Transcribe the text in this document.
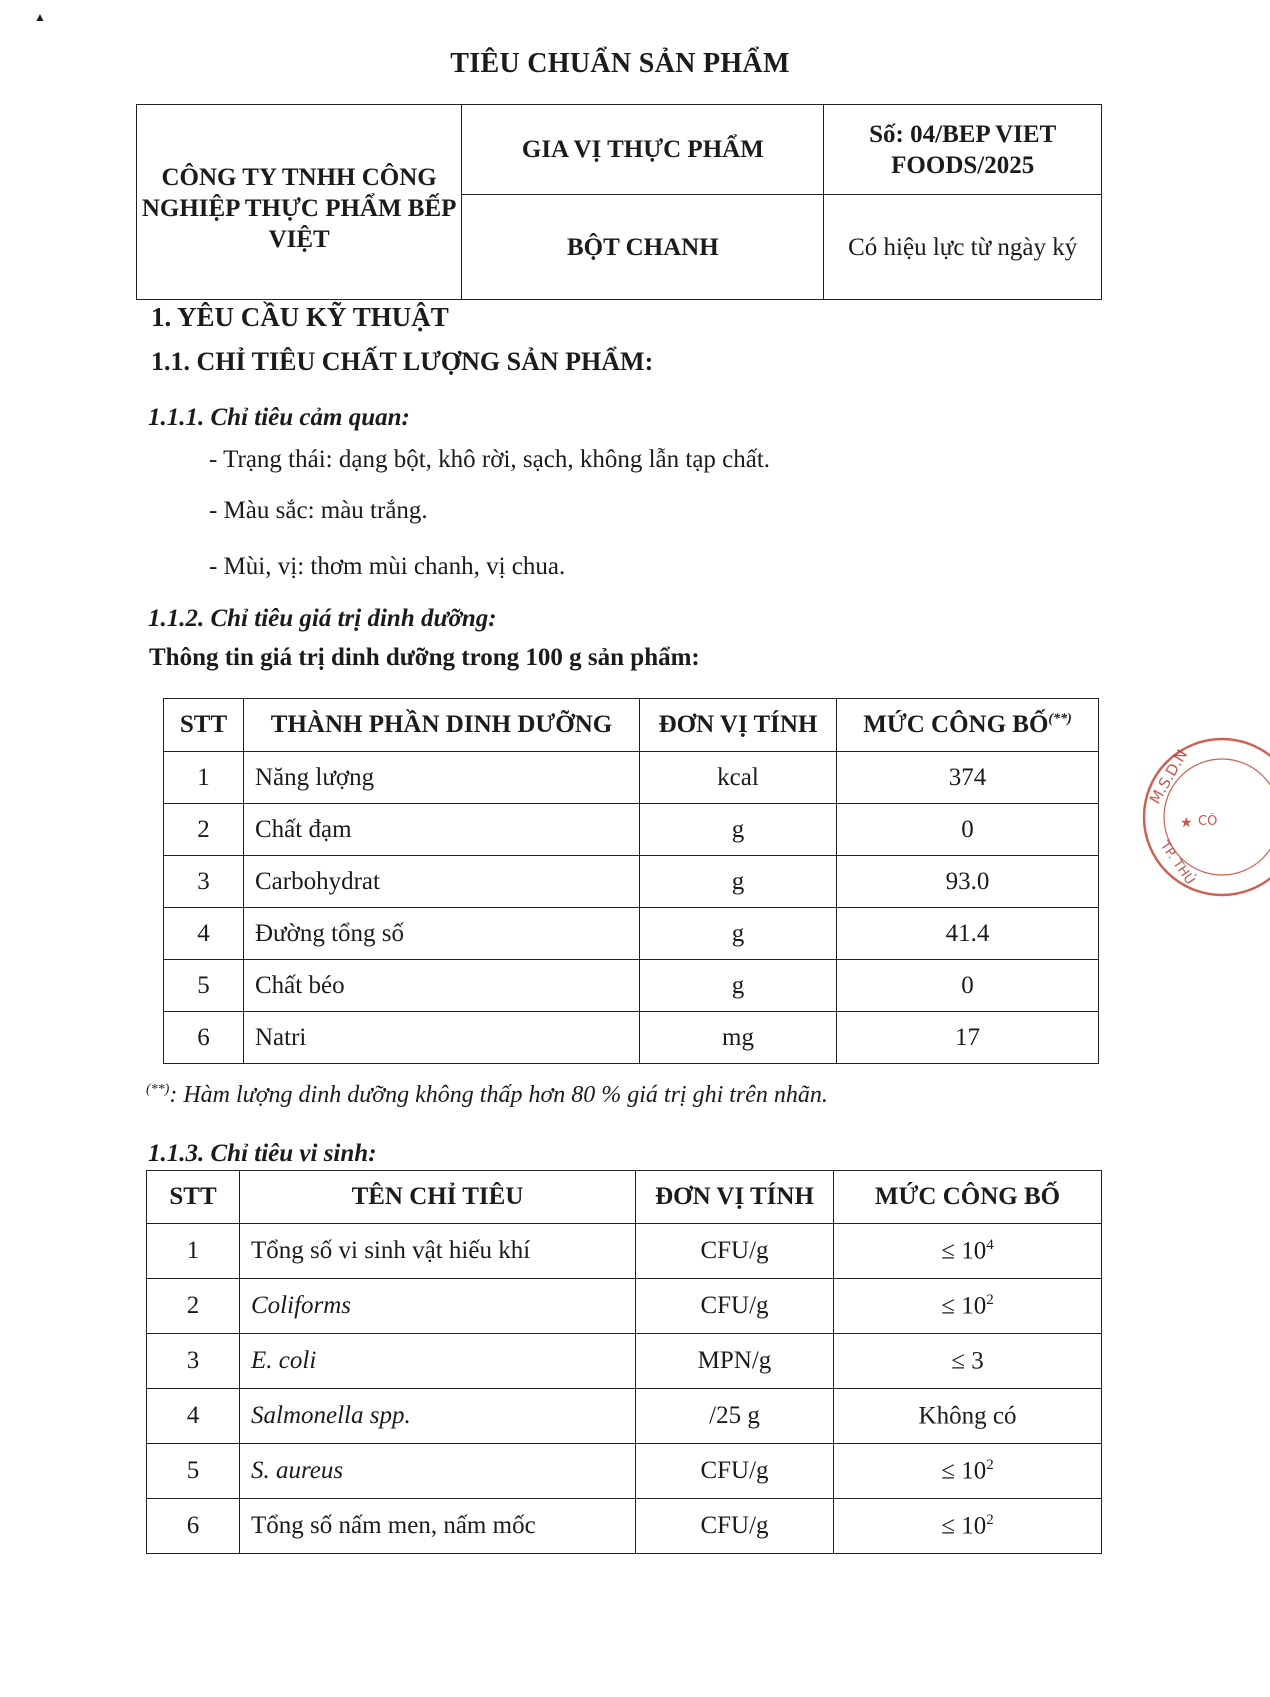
▲
TIÊU CHUẨN SẢN PHẨM
CÔNG TY TNHH CÔNG NGHIỆP THỰC PHẨM BẾP VIỆT	GIA VỊ THỰC PHẨM	Số: 04/BEP VIET FOODS/2025
	BỘT CHANH	Có hiệu lực từ ngày ký
1. YÊU CẦU KỸ THUẬT
1.1. CHỈ TIÊU CHẤT LƯỢNG SẢN PHẨM:
1.1.1. Chỉ tiêu cảm quan:
- Trạng thái: dạng bột, khô rời, sạch, không lẫn tạp chất.
- Màu sắc: màu trắng.
- Mùi, vị: thơm mùi chanh, vị chua.
1.1.2. Chỉ tiêu giá trị dinh dưỡng:
Thông tin giá trị dinh dưỡng trong 100 g sản phẩm:
STT	THÀNH PHẦN DINH DƯỠNG	ĐƠN VỊ TÍNH	MỨC CÔNG BỐ(**)
1	Năng lượng	kcal	374
2	Chất đạm	g	0
3	Carbohydrat	g	93.0
4	Đường tổng số	g	41.4
5	Chất béo	g	0
6	Natri	mg	17
(**): Hàm lượng dinh dưỡng không thấp hơn 80 % giá trị ghi trên nhãn.
1.1.3. Chỉ tiêu vi sinh:
STT	TÊN CHỈ TIÊU	ĐƠN VỊ TÍNH	MỨC CÔNG BỐ
1	Tổng số vi sinh vật hiếu khí	CFU/g	≤ $10^4$
2	Coliforms	CFU/g	≤ $10^2$
3	E. coli	MPN/g	≤ 3
4	Salmonella spp.	/25 g	Không có
5	S. aureus	CFU/g	≤ $10^2$
6	Tổng số nấm men, nấm mốc	CFU/g	≤ $10^2$
M.S.D.N
★ CÔ
TP. THỦ
